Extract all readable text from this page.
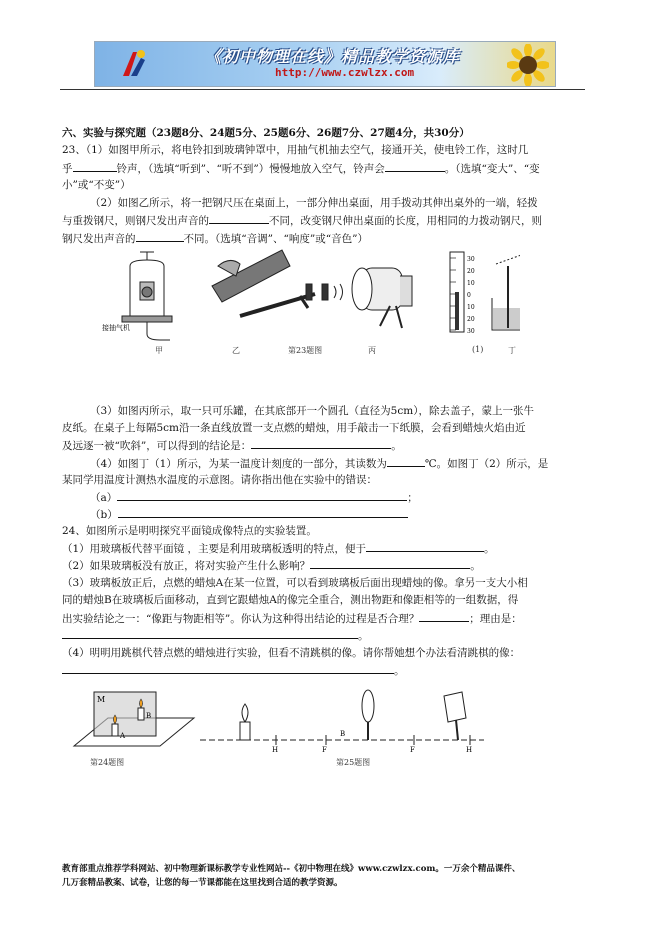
《初中物理在线》精品教学资源库
http://www.czwlzx.com
六、实验与探究题（23题8分、24题5分、25题6分、26题7分、27题4分，共30分）
23、（1）如图甲所示，将电铃扣到玻璃钟罩中，用抽气机抽去空气，接通开关，使电铃工作，这时几
乎	铃声，（选填“听到”、“听不到”）慢慢地放入空气，铃声会	。（选填“变大”、“变
小”或“不变”）
（2）如图乙所示，将一把钢尺压在桌面上，一部分伸出桌面，用手拨动其伸出桌外的一端，轻拨
与重拨钢尺，则钢尺发出声音的	不同，改变钢尺伸出桌面的长度，用相同的力拨动钢尺，则
钢尺发出声音的	不同。（选填“音调”、“响度”或“音色”）
30
20
10
0
10
20
30
接抽气机
甲	乙	第23题图	丙	(1)	丁
（3）如图丙所示，取一只可乐罐，在其底部开一个圆孔（直径为5cm），除去盖子，蒙上一张牛
皮纸。在桌子上每隔5cm沿一条直线放置一支点燃的蜡烛，用手敲击一下纸膜，会看到蜡烛火焰由近
及远逐一被“吹斜”，可以得到的结论是：	。
（4）如图丁（1）所示，为某一温度计刻度的一部分，其读数为	℃。如图丁（2）所示，是
某同学用温度计测热水温度的示意图。请你指出他在实验中的错误：
（a）	；
（b）
24、如图所示是明明探究平面镜成像特点的实验装置。
（1）用玻璃板代替平面镜 ，主要是利用玻璃板透明的特点，便于	。
（2）如果玻璃板没有放正，将对实验产生什么影响？	。
（3）玻璃板放正后，点燃的蜡烛A在某一位置，可以看到玻璃板后面出现蜡烛的像。拿另一支大小相
同的蜡烛B在玻璃板后面移动，直到它跟蜡烛A的像完全重合，测出物距和像距相等的一组数据，得
出实验结论之一：“像距与物距相等”。你认为这种得出结论的过程是否合理？	；理由是：
。
（4）明明用跳棋代替点燃的蜡烛进行实验，但看不清跳棋的像。请你帮她想个办法看清跳棋的像：
。
M
A
B
第24题图
H	F
B
F	H
第25题图
教育部重点推荐学科网站、初中物理新课标教学专业性网站--《初中物理在线》www.czwlzx.com。一万余个精品课件、
几万套精品教案、试卷，让您的每一节课都能在这里找到合适的教学资源。
